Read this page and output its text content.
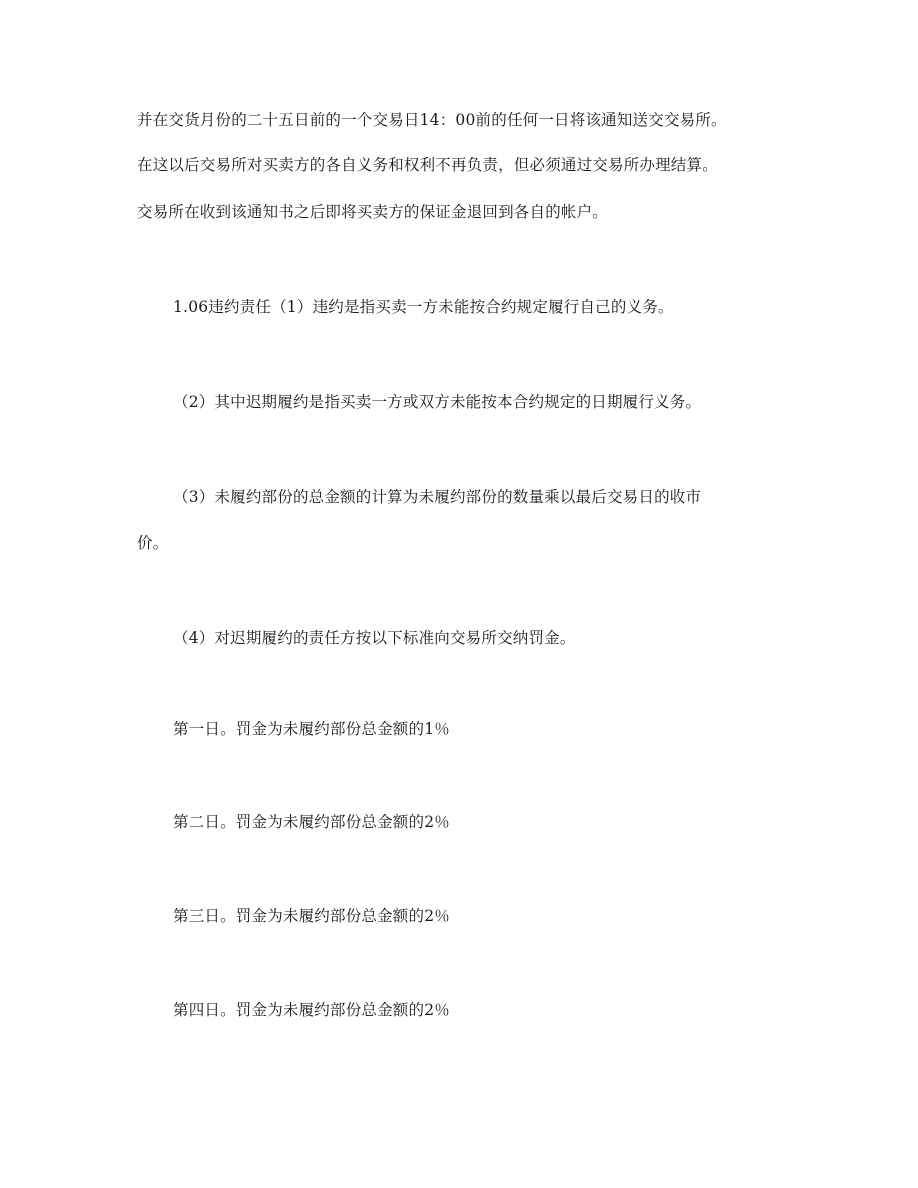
并在交货月份的二十五日前的一个交易日14：00前的任何一日将该通知送交交易所。
在这以后交易所对买卖方的各自义务和权利不再负责，但必须通过交易所办理结算。
交易所在收到该通知书之后即将买卖方的保证金退回到各自的帐户。
1.06违约责任（1）违约是指买卖一方未能按合约规定履行自己的义务。
（2）其中迟期履约是指买卖一方或双方未能按本合约规定的日期履行义务。
（3）未履约部份的总金额的计算为未履约部份的数量乘以最后交易日的收市
价。
（4）对迟期履约的责任方按以下标准向交易所交纳罚金。
第一日。罚金为未履约部份总金额的1％
第二日。罚金为未履约部份总金额的2％
第三日。罚金为未履约部份总金额的2％
第四日。罚金为未履约部份总金额的2％
